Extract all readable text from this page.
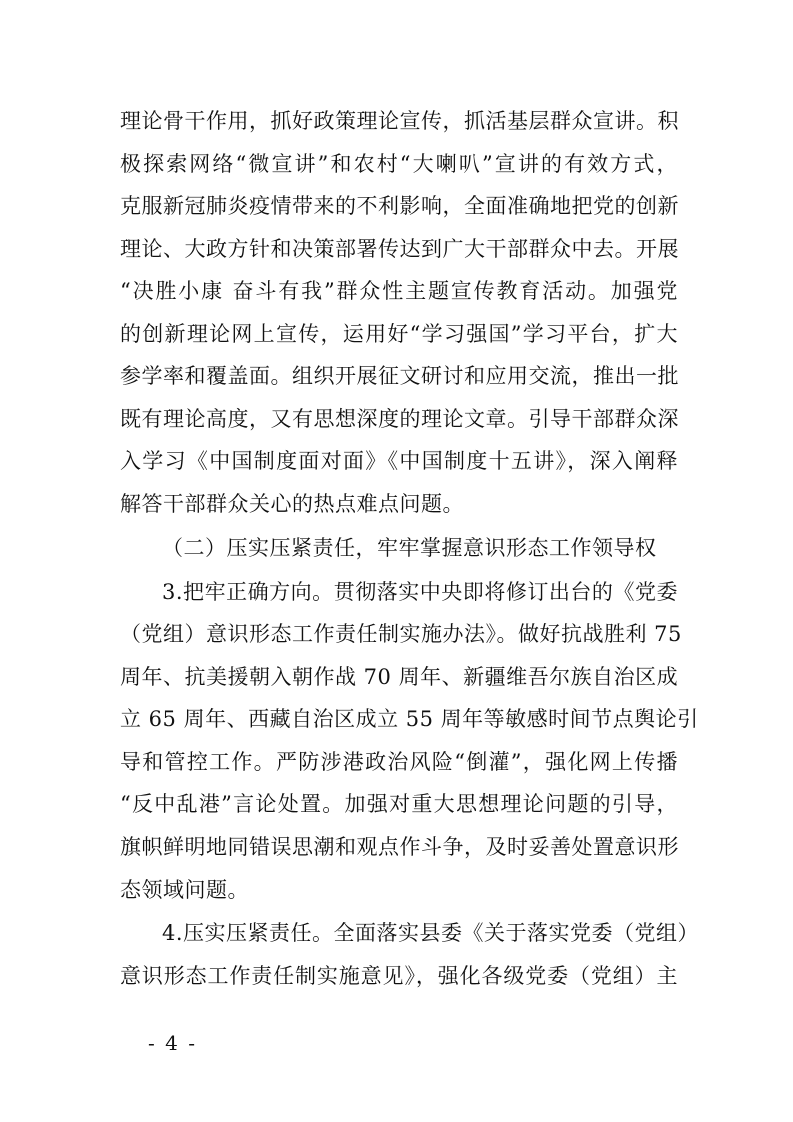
理论骨干作用，抓好政策理论宣传，抓活基层群众宣讲。积
极探索网络“微宣讲”和农村“大喇叭”宣讲的有效方式，
克服新冠肺炎疫情带来的不利影响，全面准确地把党的创新
理论、大政方针和决策部署传达到广大干部群众中去。开展
“决胜小康 奋斗有我”群众性主题宣传教育活动。加强党
的创新理论网上宣传，运用好“学习强国”学习平台，扩大
参学率和覆盖面。组织开展征文研讨和应用交流，推出一批
既有理论高度，又有思想深度的理论文章。引导干部群众深
入学习《中国制度面对面》《中国制度十五讲》，深入阐释
解答干部群众关心的热点难点问题。
（二）压实压紧责任，牢牢掌握意识形态工作领导权
3.把牢正确方向。贯彻落实中央即将修订出台的《党委
（党组）意识形态工作责任制实施办法》。做好抗战胜利 75
周年、抗美援朝入朝作战 70 周年、新疆维吾尔族自治区成
立 65 周年、西藏自治区成立 55 周年等敏感时间节点舆论引
导和管控工作。严防涉港政治风险“倒灌”，强化网上传播
“反中乱港”言论处置。加强对重大思想理论问题的引导，
旗帜鲜明地同错误思潮和观点作斗争，及时妥善处置意识形
态领域问题。
4.压实压紧责任。全面落实县委《关于落实党委（党组）
意识形态工作责任制实施意见》，强化各级党委（党组）主
- 4 -
